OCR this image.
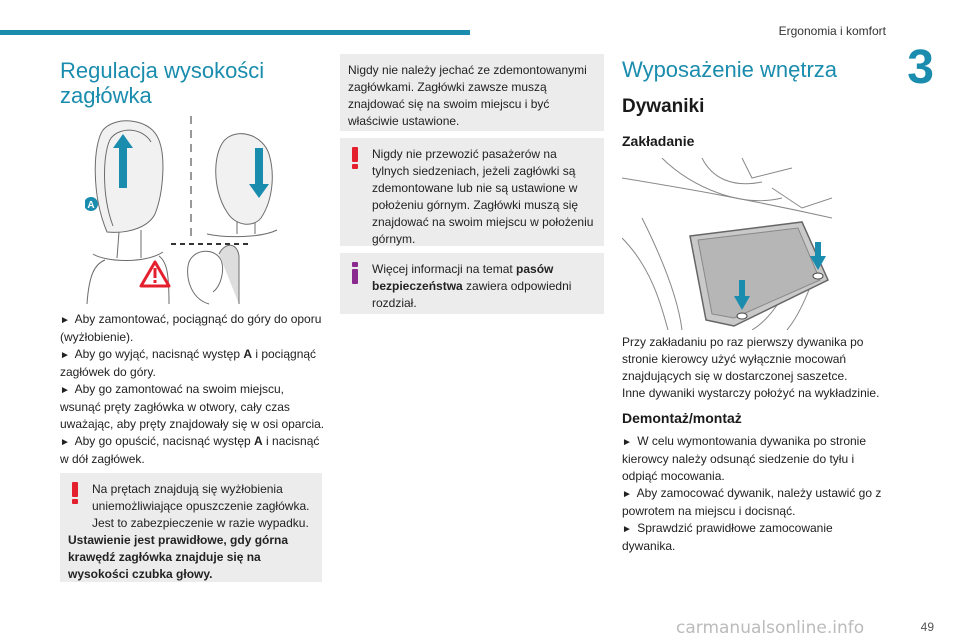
Ergonomia i komfort
3
Regulacja wysokości zagłówka
A
► Aby zamontować, pociągnąć do góry do oporu (wyżłobienie).
► Aby go wyjąć, nacisnąć występ A i pociągnąć zagłówek do góry.
► Aby go zamontować na swoim miejscu, wsunąć pręty zagłówka w otwory, cały czas uważając, aby pręty znajdowały się w osi oparcia.
► Aby go opuścić, nacisnąć występ A i nacisnąć w dół zagłówek.
Na prętach znajdują się wyżłobienia uniemożliwiające opuszczenie zagłówka. Jest to zabezpieczenie w razie wypadku.
Ustawienie jest prawidłowe, gdy górna krawędź zagłówka znajduje się na wysokości czubka głowy.
Nigdy nie należy jechać ze zdemontowanymi zagłówkami. Zagłówki zawsze muszą znajdować się na swoim miejscu i być właściwie ustawione.
Nigdy nie przewozić pasażerów na tylnych siedzeniach, jeżeli zagłówki są zdemontowane lub nie są ustawione w położeniu górnym. Zagłówki muszą się znajdować na swoim miejscu w położeniu górnym.
Więcej informacji na temat pasów bezpieczeństwa zawiera odpowiedni rozdział.
Wyposażenie wnętrza
Dywaniki
Zakładanie
Przy zakładaniu po raz pierwszy dywanika po stronie kierowcy użyć wyłącznie mocowań znajdujących się w dostarczonej saszetce.
Inne dywaniki wystarczy położyć na wykładzinie.
Demontaż/montaż
► W celu wymontowania dywanika po stronie kierowcy należy odsunąć siedzenie do tyłu i odpiąć mocowania.
► Aby zamocować dywanik, należy ustawić go z powrotem na miejscu i docisnąć.
► Sprawdzić prawidłowe zamocowanie dywanika.
carmanualsonline.info	49
